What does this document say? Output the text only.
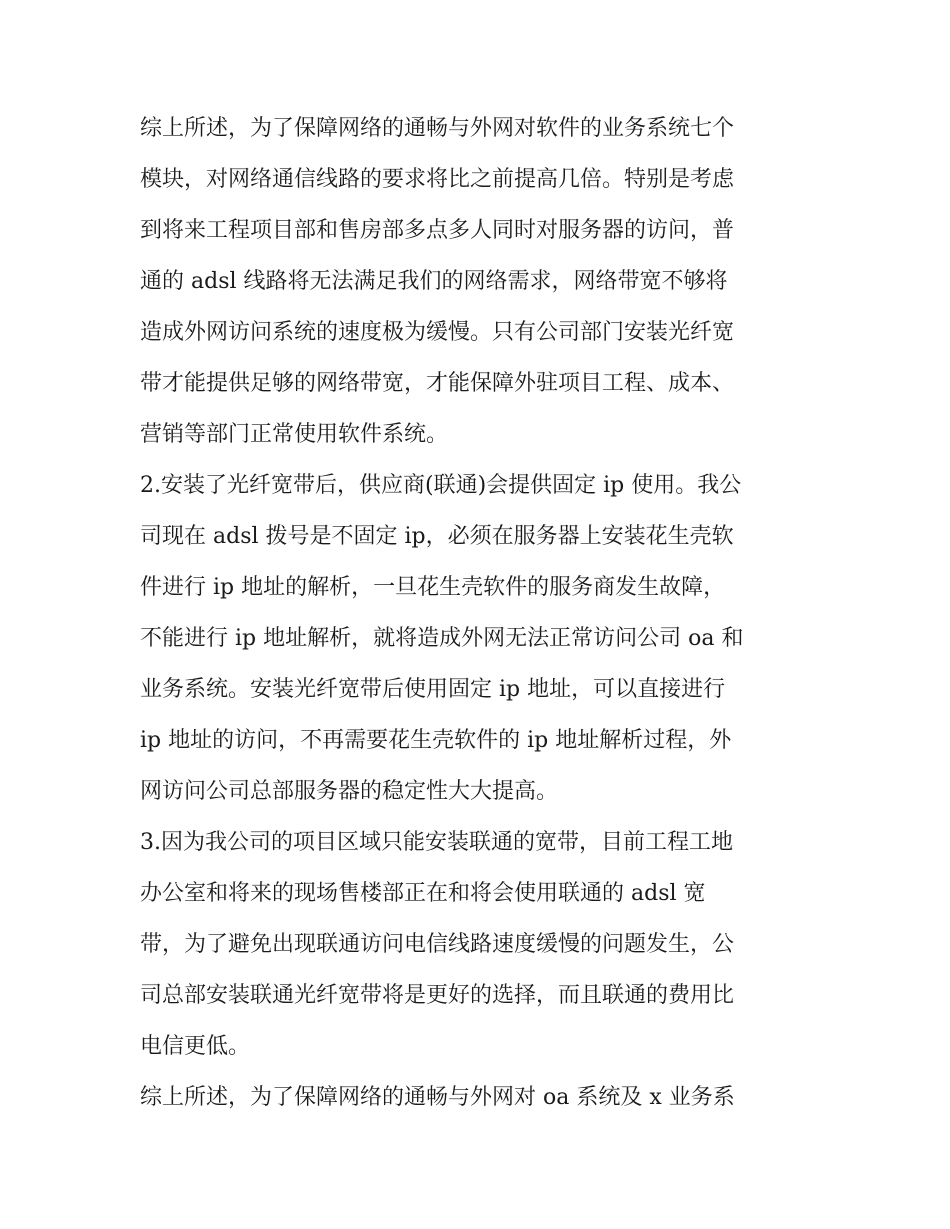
综上所述，为了保障网络的通畅与外网对软件的业务系统七个
模块，对网络通信线路的要求将比之前提高几倍。特别是考虑
到将来工程项目部和售房部多点多人同时对服务器的访问，普
通的 adsl 线路将无法满足我们的网络需求，网络带宽不够将
造成外网访问系统的速度极为缓慢。只有公司部门安装光纤宽
带才能提供足够的网络带宽，才能保障外驻项目工程、成本、
营销等部门正常使用软件系统。
2.安装了光纤宽带后，供应商(联通)会提供固定 ip 使用。我公
司现在 adsl 拨号是不固定 ip，必须在服务器上安装花生壳软
件进行 ip 地址的解析，一旦花生壳软件的服务商发生故障，
不能进行 ip 地址解析，就将造成外网无法正常访问公司 oa 和
业务系统。安装光纤宽带后使用固定 ip 地址，可以直接进行
ip 地址的访问，不再需要花生壳软件的 ip 地址解析过程，外
网访问公司总部服务器的稳定性大大提高。
3.因为我公司的项目区域只能安装联通的宽带，目前工程工地
办公室和将来的现场售楼部正在和将会使用联通的 adsl 宽
带，为了避免出现联通访问电信线路速度缓慢的问题发生，公
司总部安装联通光纤宽带将是更好的选择，而且联通的费用比
电信更低。
综上所述，为了保障网络的通畅与外网对 oa 系统及 x 业务系
